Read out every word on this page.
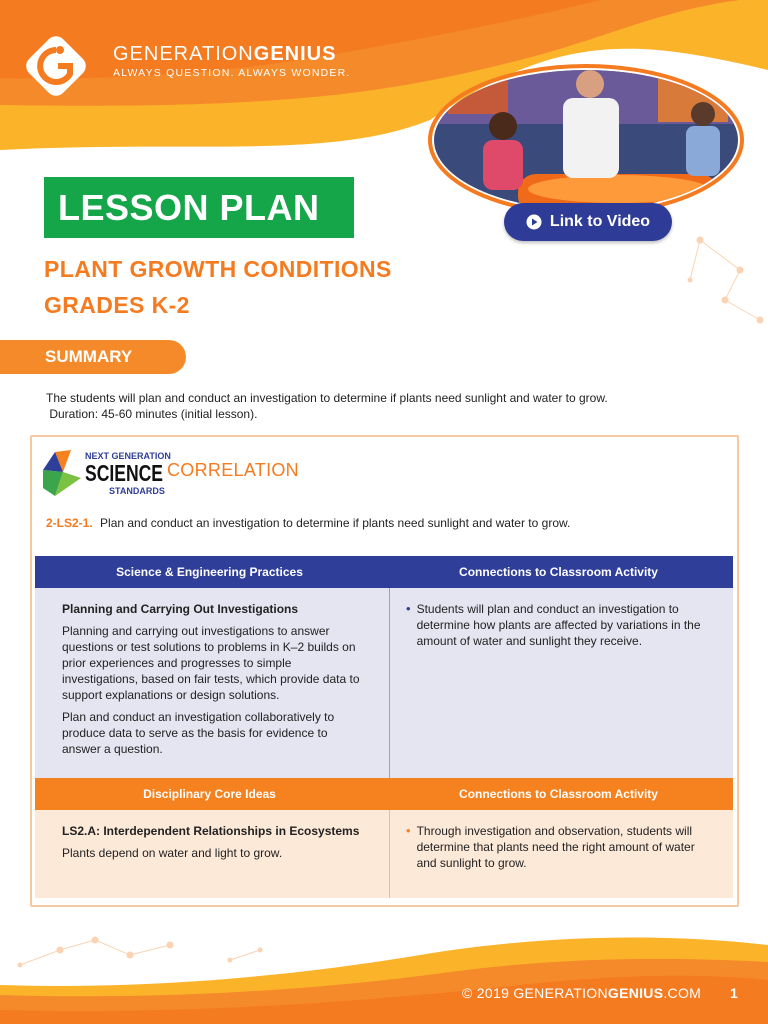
GENERATIONGENIUS
ALWAYS QUESTION. ALWAYS WONDER.
Link to Video
LESSON PLAN
PLANT GROWTH CONDITIONS
GRADES K-2
SUMMARY
The students will plan and conduct an investigation to determine if plants need sunlight and water to grow.
Duration: 45-60 minutes (initial lesson).
NEXT GENERATION
SCIENCE
STANDARDS
CORRELATION
2-LS2-1. Plan and conduct an investigation to determine if plants need sunlight and water to grow.
Science & Engineering Practices	Connections to Classroom Activity
Planning and Carrying Out Investigations
Planning and carrying out investigations to answer questions or test solutions to problems in K–2 builds on prior experiences and progresses to simple investigations, based on fair tests, which provide data to support explanations or design solutions.
Plan and conduct an investigation collaboratively to produce data to serve as the basis for evidence to answer a question.
• Students will plan and conduct an investigation to determine how plants are affected by variations in the amount of water and sunlight they receive.
Disciplinary Core Ideas	Connections to Classroom Activity
LS2.A: Interdependent Relationships in Ecosystems
Plants depend on water and light to grow.
• Through investigation and observation, students will determine that plants need the right amount of water and sunlight to grow.
© 2019 GENERATIONGENIUS.COM 1
